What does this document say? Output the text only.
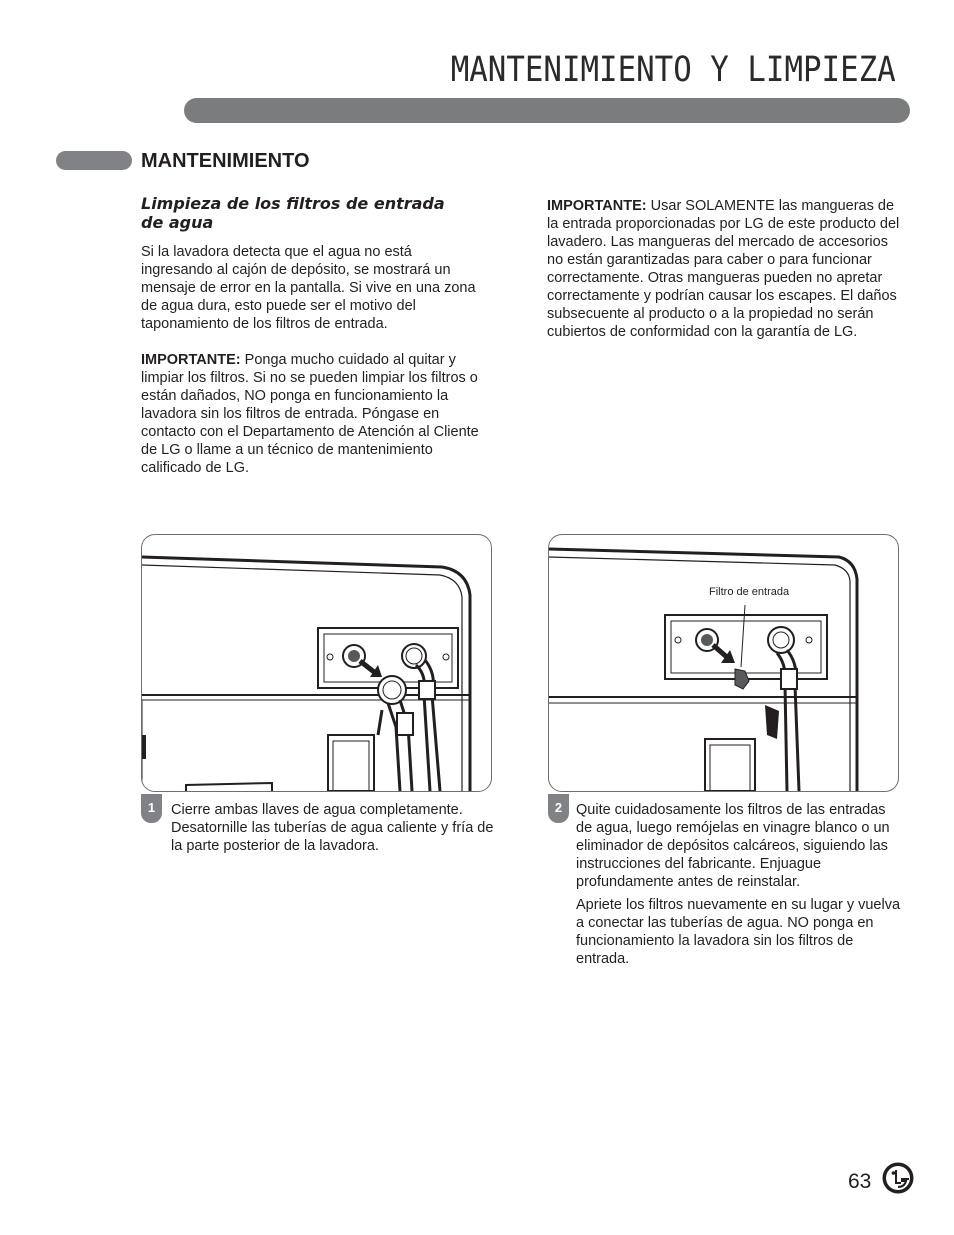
MANTENIMIENTO Y LIMPIEZA
MANTENIMIENTO
Limpieza de los filtros de entrada de agua

Si la lavadora detecta que el agua no está ingresando al cajón de depósito, se mostrará un mensaje de error en la pantalla. Si vive en una zona de agua dura, esto puede ser el motivo del taponamiento de los filtros de entrada.

IMPORTANTE: Ponga mucho cuidado al quitar y limpiar los filtros. Si no se pueden limpiar los filtros o están dañados, NO ponga en funcionamiento la lavadora sin los filtros de entrada. Póngase en contacto con el Departamento de Atención al Cliente de LG o llame a un técnico de mantenimiento calificado de LG.

IMPORTANTE: Usar SOLAMENTE las mangueras de la entrada proporcionadas por LG de este producto del lavadero. Las mangueras del mercado de accesorios no están garantizadas para caber o para funcionar correctamente. Otras mangueras pueden no apretar correctamente y podrían causar los escapes. El daños subsecuente al producto o a la propiedad no serán cubiertos de conformidad con la garantía de LG.

1	Cierre ambas llaves de agua completamente. Desatornille las tuberías de agua caliente y fría de la parte posterior de la lavadora.

Filtro de entrada
2 Quite cuidadosamente los filtros de las entradas de agua, luego remójelas en vinagre blanco o un eliminador de depósitos calcáreos, siguiendo las instrucciones del fabricante. Enjuague profundamente antes de reinstalar.

Apriete los filtros nuevamente en su lugar y vuelva a conectar las tuberías de agua. NO ponga en funcionamiento la lavadora sin los filtros de entrada.

63
